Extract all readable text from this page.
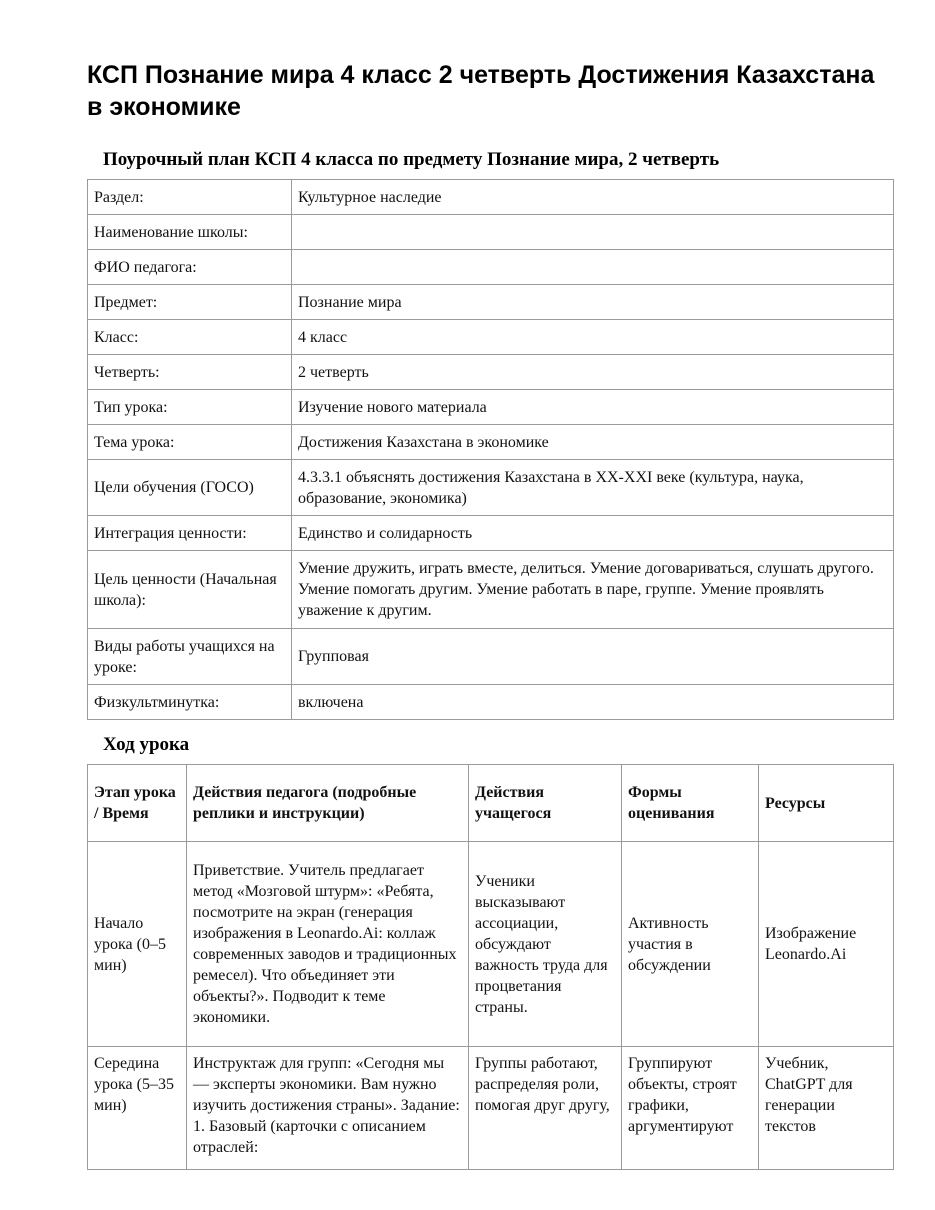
КСП Познание мира 4 класс 2 четверть Достижения Казахстана в экономике
Поурочный план КСП 4 класса по предмету Познание мира, 2 четверть
Раздел:	Культурное наследие
Наименование школы:	
ФИО педагога:	
Предмет:	Познание мира
Класс:	4 класс
Четверть:	2 четверть
Тип урока:	Изучение нового материала
Тема урока:	Достижения Казахстана в экономике
Цели обучения (ГОСО)	4.3.3.1 объяснять достижения Казахстана в XX-XXI веке (культура, наука, образование, экономика)
Интеграция ценности:	Единство и солидарность
Цель ценности (Начальная школа):	Умение дружить, играть вместе, делиться. Умение договариваться, слушать другого. Умение помогать другим. Умение работать в паре, группе. Умение проявлять уважение к другим.
Виды работы учащихся на уроке:	Групповая
Физкультминутка:	включена
Ход урока
Этап урока / Время	Действия педагога (подробные реплики и инструкции)	Действия учащегося	Формы оценивания	Ресурсы
Начало урока (0–5 мин)	Приветствие. Учитель предлагает метод «Мозговой штурм»: «Ребята, посмотрите на экран (генерация изображения в Leonardo.Ai: коллаж современных заводов и традиционных ремесел). Что объединяет эти объекты?». Подводит к теме экономики.	Ученики высказывают ассоциации, обсуждают важность труда для процветания страны.	Активность участия в обсуждении	Изображение Leonardo.Ai
Середина урока (5–35 мин)	Инструктаж для групп: «Сегодня мы — эксперты экономики. Вам нужно изучить достижения страны». Задание: 1. Базовый (карточки с описанием отраслей:	Группы работают, распределяя роли, помогая друг другу,	Группируют объекты, строят графики, аргументируют	Учебник, ChatGPT для генерации текстов
